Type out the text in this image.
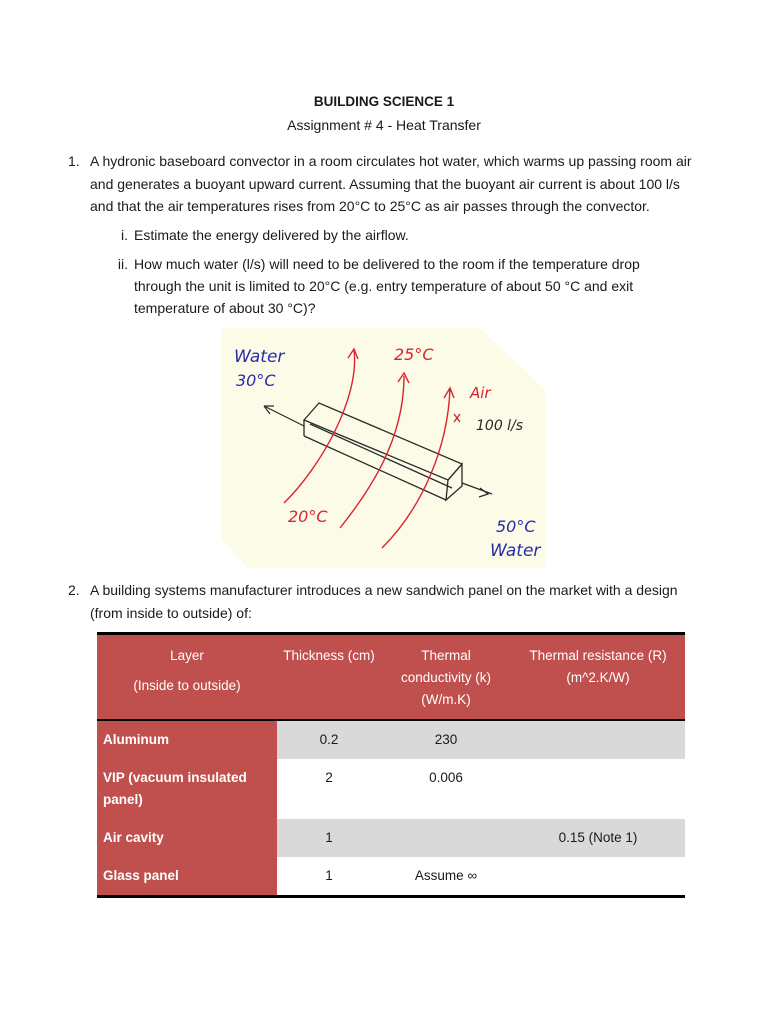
BUILDING SCIENCE 1
Assignment # 4 - Heat Transfer
1. A hydronic baseboard convector in a room circulates hot water, which warms up passing room air and generates a buoyant upward current. Assuming that the buoyant air current is about 100 l/s and that the air temperatures rises from 20°C to 25°C as air passes through the convector.
i. Estimate the energy delivered by the airflow.
ii. How much water (l/s) will need to be delivered to the room if the temperature drop through the unit is limited to 20°C (e.g. entry temperature of about 50 °C and exit temperature of about 30 °C)?
Water
30°C
25°C
Air
100 l/s
20°C
50°C
Water
2. A building systems manufacturer introduces a new sandwich panel on the market with a design (from inside to outside) of:
Layer
(Inside to outside)	Thickness (cm)	Thermal conductivity (k) (W/m.K)	Thermal resistance (R) (m^2.K/W)
Aluminum	0.2	230	
VIP (vacuum insulated panel)	2	0.006	
Air cavity	1		0.15 (Note 1)
Glass panel	1	Assume ∞	
